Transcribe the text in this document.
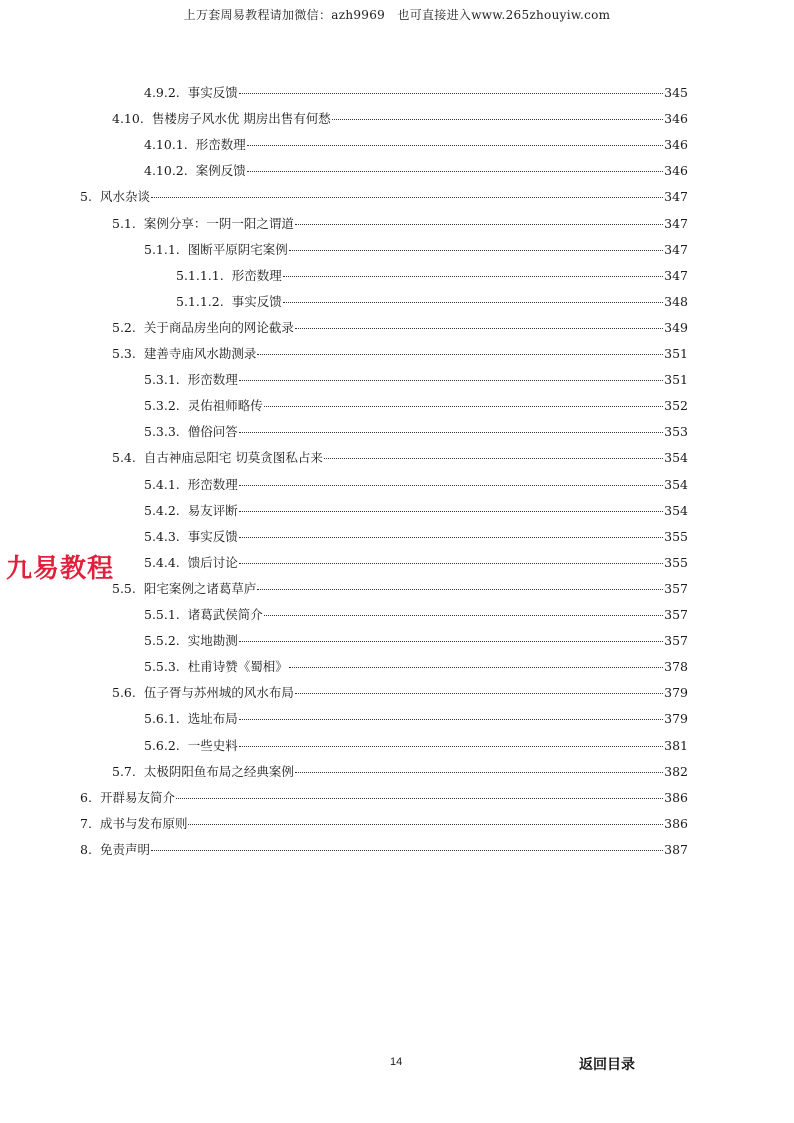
上万套周易教程请加微信：azh9969　也可直接进入www.265zhouyiw.com
4.9.2. 事实反馈	345
4.10. 售楼房子风水优 期房出售有何愁	346
4.10.1. 形峦数理	346
4.10.2. 案例反馈	346
5. 风水杂谈	347
5.1. 案例分享：一阴一阳之谓道	347
5.1.1. 图断平原阴宅案例	347
5.1.1.1. 形峦数理	347
5.1.1.2. 事实反馈	348
5.2. 关于商品房坐向的网论截录	349
5.3. 建善寺庙风水勘测录	351
5.3.1. 形峦数理	351
5.3.2. 灵佑祖师略传	352
5.3.3. 僧俗问答	353
5.4. 自古神庙忌阳宅 切莫贪图私占来	354
5.4.1. 形峦数理	354
5.4.2. 易友评断	354
5.4.3. 事实反馈	355
5.4.4. 馈后讨论	355
5.5. 阳宅案例之诸葛草庐	357
5.5.1. 诸葛武侯简介	357
5.5.2. 实地勘测	357
5.5.3. 杜甫诗赞《蜀相》	378
5.6. 伍子胥与苏州城的风水布局	379
5.6.1. 选址布局	379
5.6.2. 一些史料	381
5.7. 太极阴阳鱼布局之经典案例	382
6. 开群易友简介	386
7. 成书与发布原则	386
8. 免责声明	387
九易教程
14	返回目录
